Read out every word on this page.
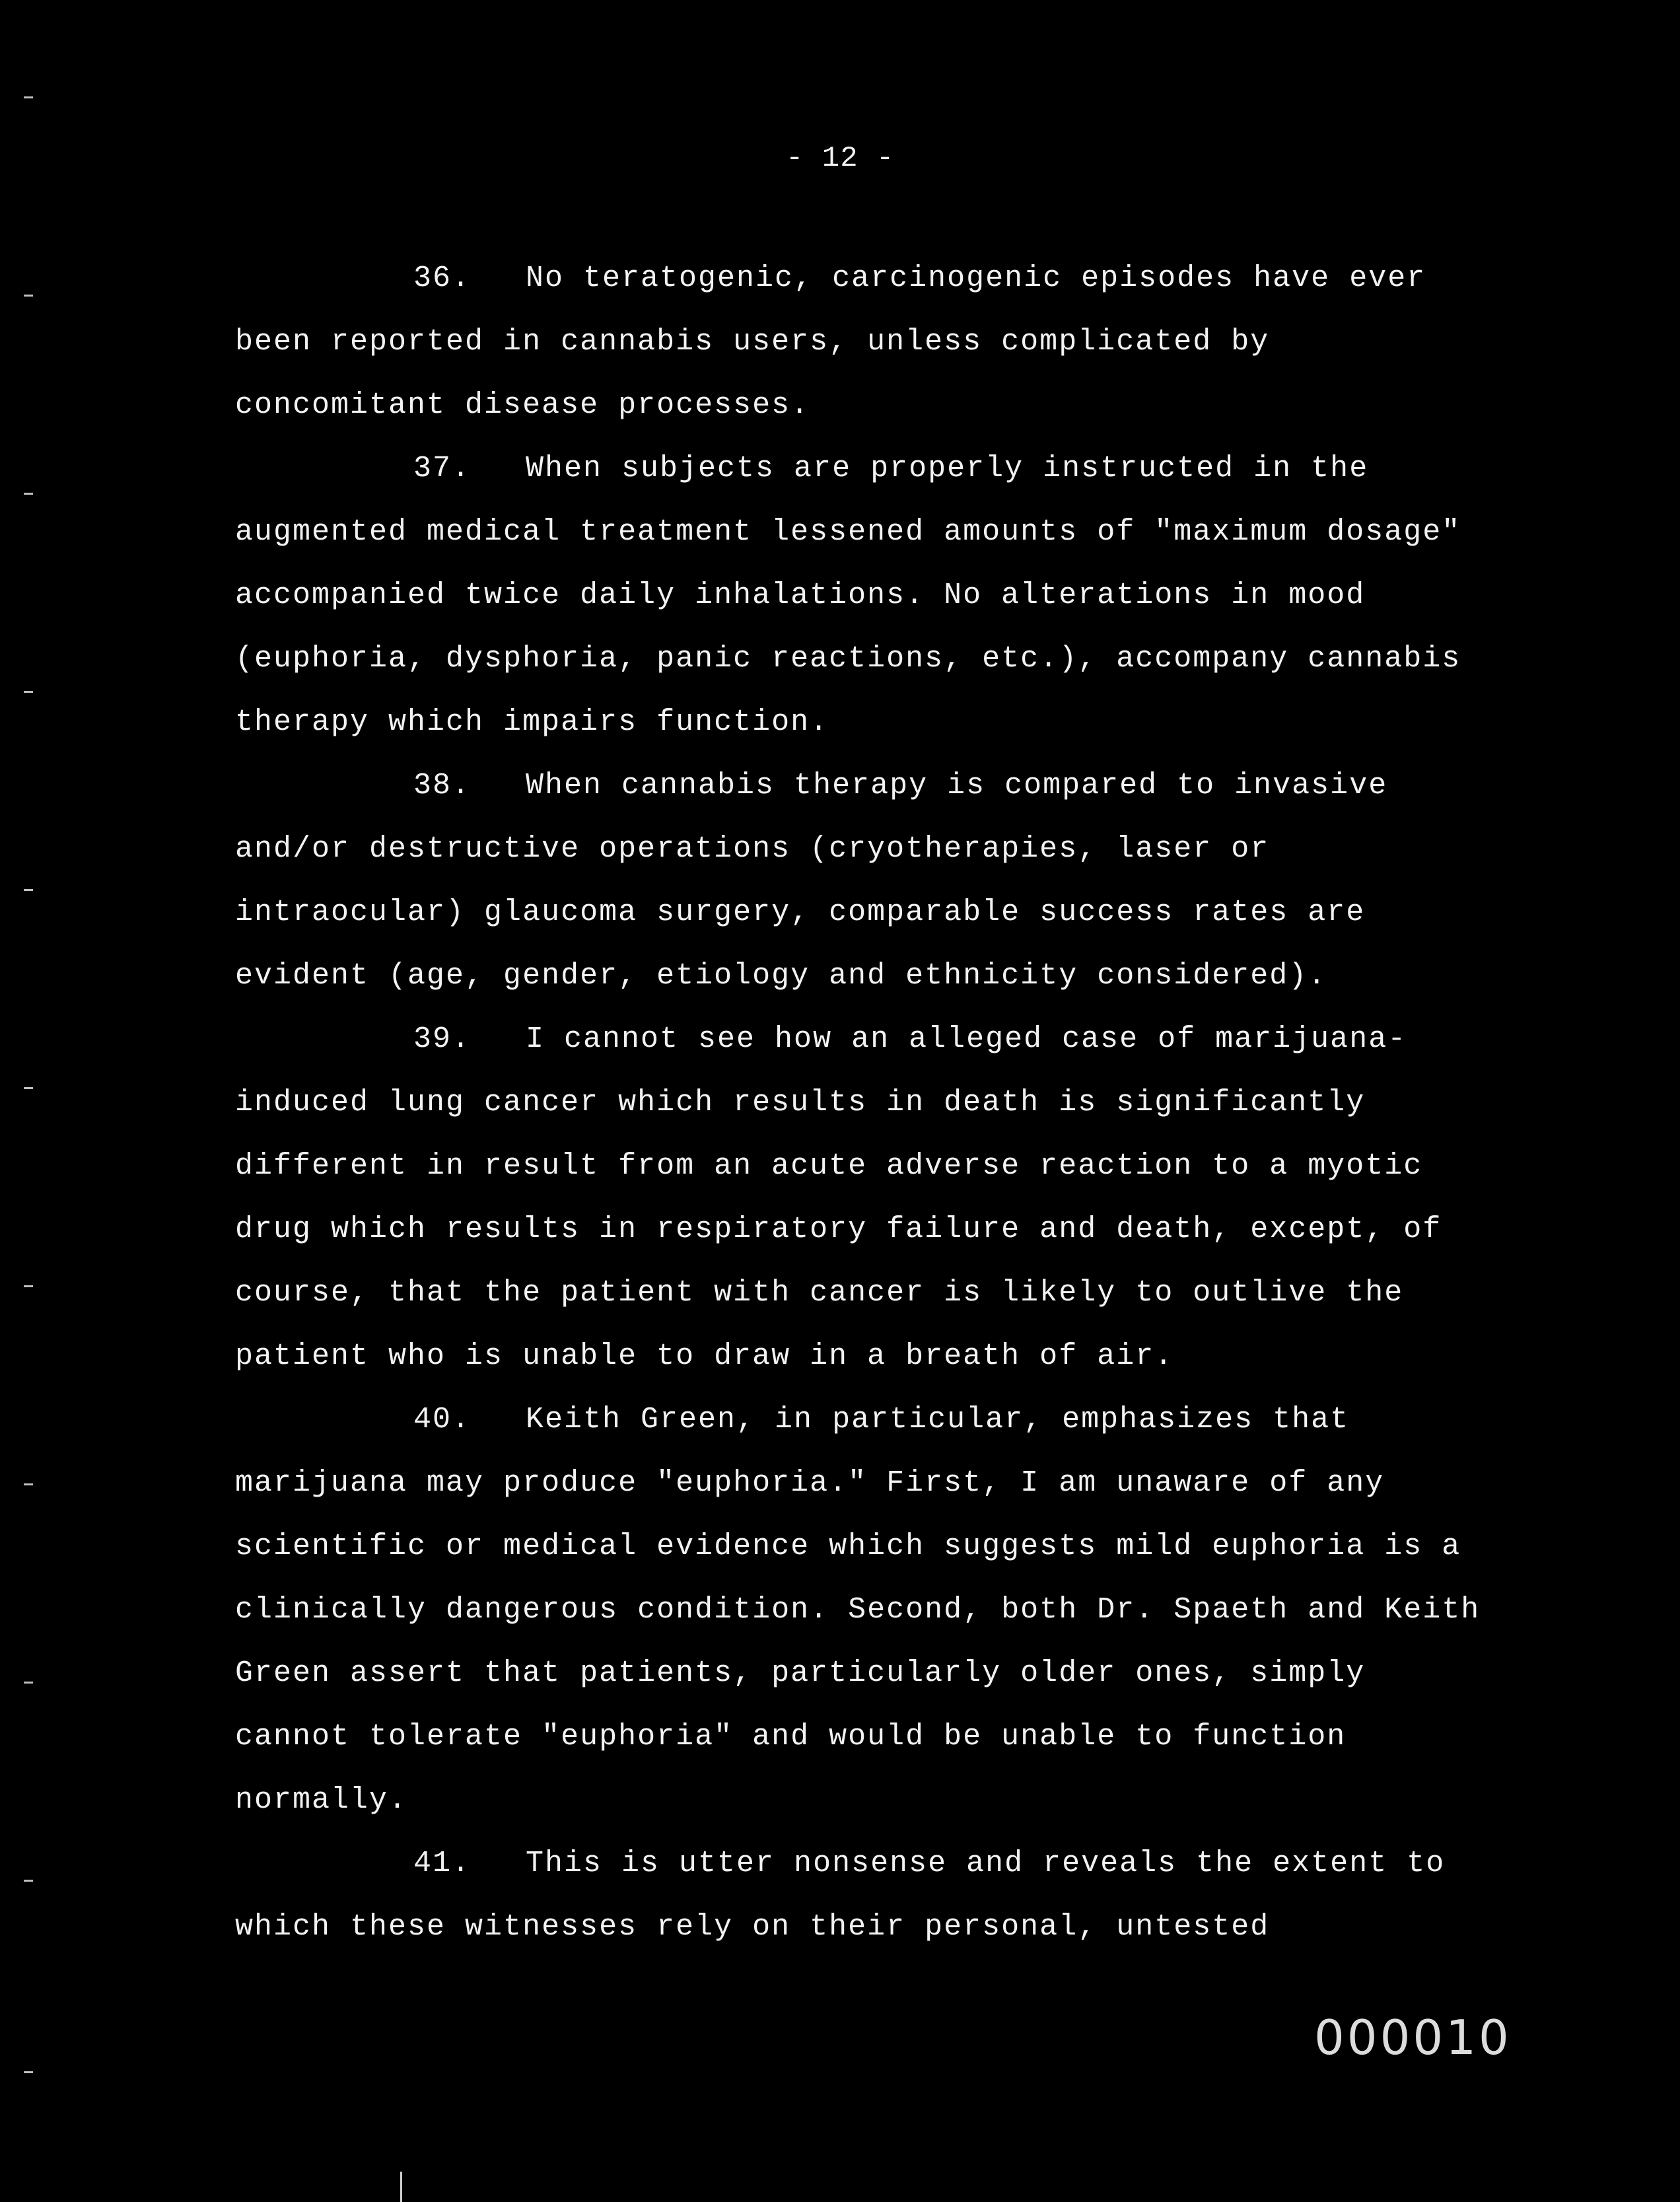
- 12 -

36. No teratogenic, carcinogenic episodes have ever been reported in cannabis users, unless complicated by concomitant disease processes.

37. When subjects are properly instructed in the augmented medical treatment lessened amounts of "maximum dosage" accompanied twice daily inhalations. No alterations in mood (euphoria, dysphoria, panic reactions, etc.), accompany cannabis therapy which impairs function.

38. When cannabis therapy is compared to invasive and/or destructive operations (cryotherapies, laser or intraocular) glaucoma surgery, comparable success rates are evident (age, gender, etiology and ethnicity considered).

39. I cannot see how an alleged case of marijuana-induced lung cancer which results in death is significantly different in result from an acute adverse reaction to a myotic drug which results in respiratory failure and death, except, of course, that the patient with cancer is likely to outlive the patient who is unable to draw in a breath of air.

40. Keith Green, in particular, emphasizes that marijuana may produce "euphoria." First, I am unaware of any scientific or medical evidence which suggests mild euphoria is a clinically dangerous condition. Second, both Dr. Spaeth and Keith Green assert that patients, particularly older ones, simply cannot tolerate "euphoria" and would be unable to function normally.

41. This is utter nonsense and reveals the extent to which these witnesses rely on their personal, untested

000010
